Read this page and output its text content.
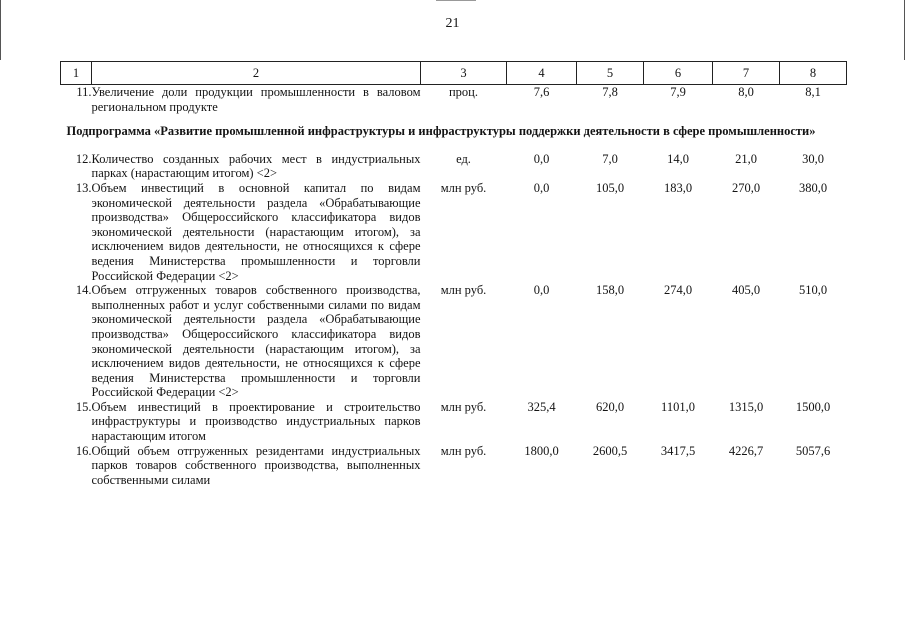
21
1	2	3	4	5	6	7	8
11.	Увеличение доли продукции промышленности в валовом региональном продукте	проц.	7,6	7,8	7,9	8,0	8,1
Подпрограмма «Развитие промышленной инфраструктуры и инфраструктуры поддержки деятельности в сфере промышленности»							
12.	Количество созданных рабочих мест в индустриальных парках (нарастающим итогом) <2>	ед.	0,0	7,0	14,0	21,0	30,0
13.	Объем инвестиций в основной капитал по видам экономической деятельности раздела «Обрабатывающие производства» Общероссийского классификатора видов экономической деятельности (нарастающим итогом), за исключением видов деятельности, не относящихся к сфере ведения Министерства промышленности и торговли Российской Федерации <2>	млн руб.	0,0	105,0	183,0	270,0	380,0
14.	Объем отгруженных товаров собственного производства, выполненных работ и услуг собственными силами по видам экономической деятельности раздела «Обрабатывающие производства» Общероссийского классификатора видов экономической деятельности (нарастающим итогом), за исключением видов деятельности, не относящихся к сфере ведения Министерства промышленности и торговли Российской Федерации <2>	млн руб.	0,0	158,0	274,0	405,0	510,0
15.	Объем инвестиций в проектирование и строительство инфраструктуры и производство индустриальных парков нарастающим итогом	млн руб.	325,4	620,0	1101,0	1315,0	1500,0
16.	Общий объем отгруженных резидентами индустриальных парков товаров собственного производства, выполненных собственными силами	млн руб.	1800,0	2600,5	3417,5	4226,7	5057,6
